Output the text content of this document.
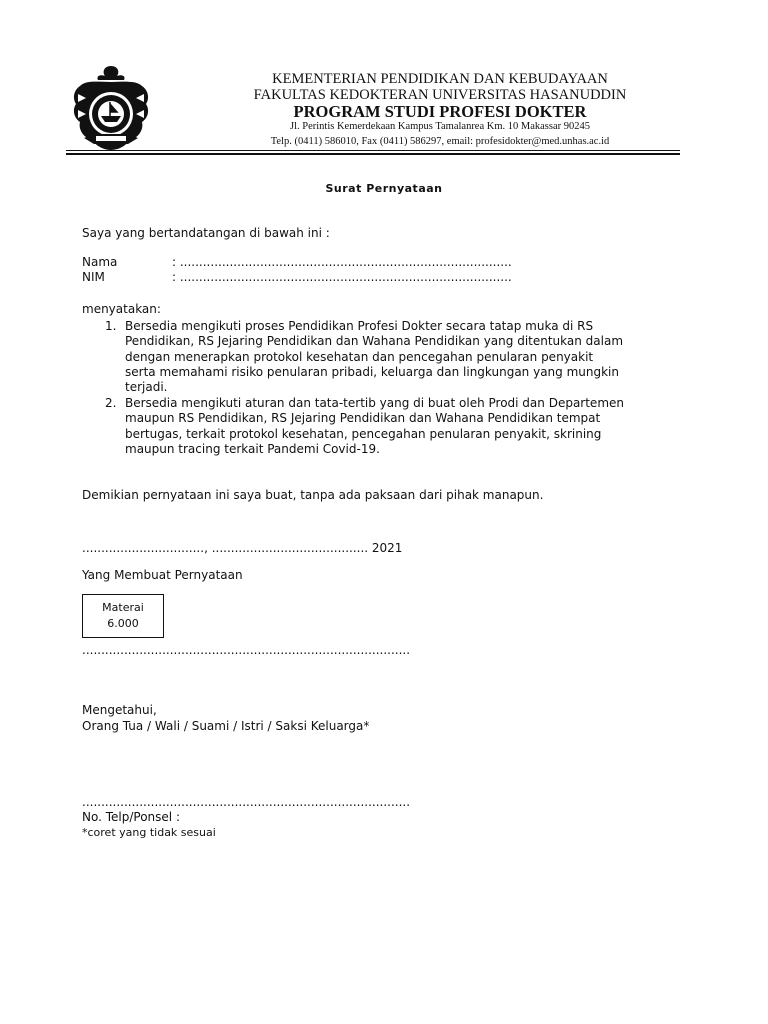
KEMENTERIAN PENDIDIKAN DAN KEBUDAYAAN
FAKULTAS KEDOKTERAN UNIVERSITAS HASANUDDIN
PROGRAM STUDI PROFESI DOKTER
Jl. Perintis Kemerdekaan Kampus Tamalanrea Km. 10 Makassar 90245
Telp. (0411) 586010, Fax (0411) 586297, email: profesidokter@med.unhas.ac.id
Surat Pernyataan
Saya yang bertandatangan di bawah ini :
Nama	: .......................................................................................
NIM	: .......................................................................................
menyatakan:
1. Bersedia mengikuti proses Pendidikan Profesi Dokter secara tatap muka di RS
Pendidikan, RS Jejaring Pendidikan dan Wahana Pendidikan yang ditentukan dalam
dengan menerapkan protokol kesehatan dan pencegahan penularan penyakit
serta memahami risiko penularan pribadi, keluarga dan lingkungan yang mungkin
terjadi.
2. Bersedia mengikuti aturan dan tata-tertib yang di buat oleh Prodi dan Departemen
maupun RS Pendidikan, RS Jejaring Pendidikan dan Wahana Pendidikan tempat
bertugas, terkait protokol kesehatan, pencegahan penularan penyakit, skrining
maupun tracing terkait Pandemi Covid-19.
Demikian pernyataan ini saya buat, tanpa ada paksaan dari pihak manapun.
................................, ......................................... 2021
Yang Membuat Pernyataan
Materai
6.000
......................................................................................
Mengetahui,
Orang Tua / Wali / Suami / Istri / Saksi Keluarga*
......................................................................................
No. Telp/Ponsel :
*coret yang tidak sesuai
